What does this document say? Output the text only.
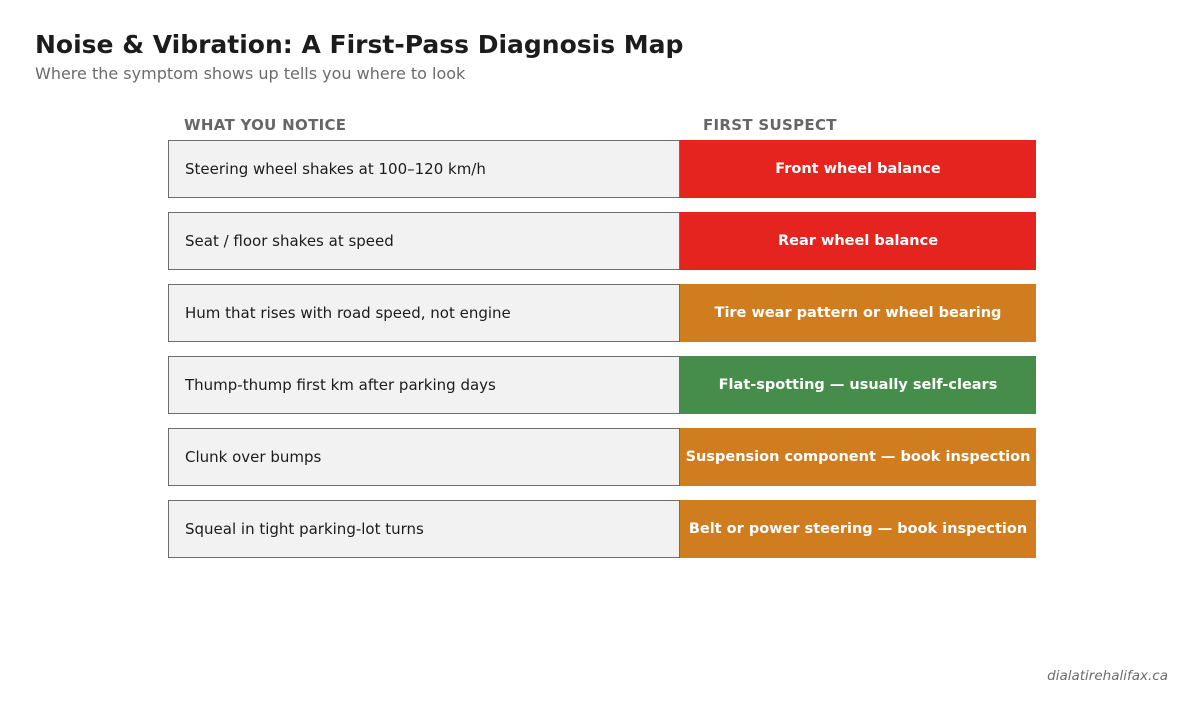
Noise & Vibration: A First-Pass Diagnosis Map
Where the symptom shows up tells you where to look
WHAT YOU NOTICE	FIRST SUSPECT
Steering wheel shakes at 100–120 km/h	Front wheel balance
Seat / floor shakes at speed	Rear wheel balance
Hum that rises with road speed, not engine	Tire wear pattern or wheel bearing
Thump-thump first km after parking days	Flat-spotting — usually self-clears
Clunk over bumps	Suspension component — book inspection
Squeal in tight parking-lot turns	Belt or power steering — book inspection
dialatirehalifax.ca
